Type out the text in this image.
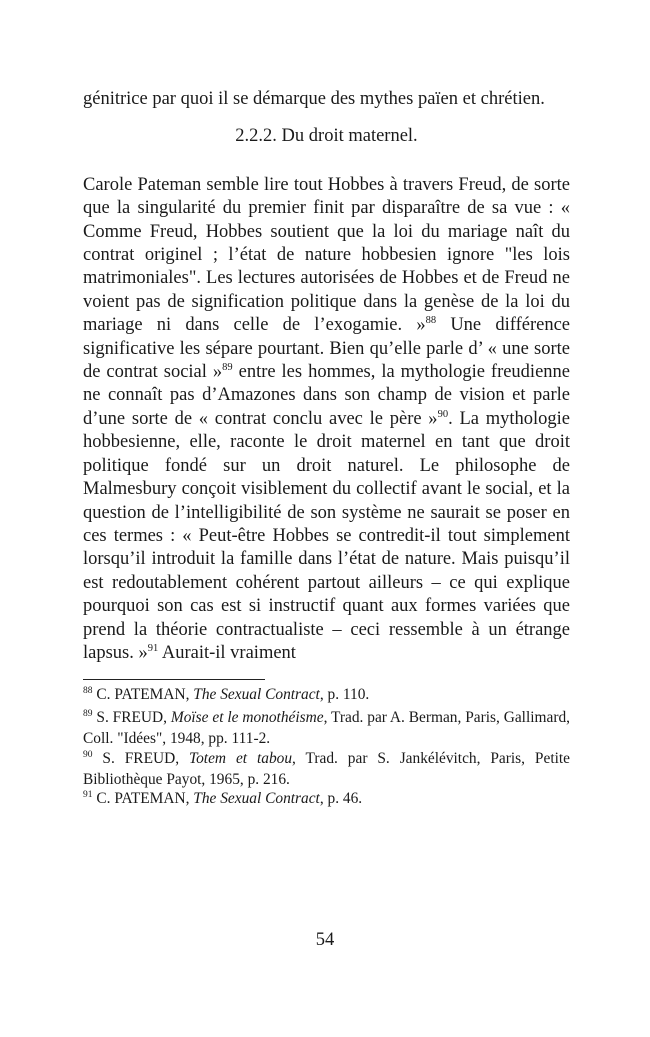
génitrice par quoi il se démarque des mythes païen et chrétien.

2.2.2. Du droit maternel.

Carole Pateman semble lire tout Hobbes à travers Freud, de sorte que la singularité du premier finit par disparaître de sa vue : « Comme Freud, Hobbes soutient que la loi du mariage naît du contrat originel ; l’état de nature hobbesien ignore "les lois matrimoniales". Les lectures autorisées de Hobbes et de Freud ne voient pas de signification politique dans la genèse de la loi du mariage ni dans celle de l’exogamie. »$^{88}$ Une différence significative les sépare pourtant. Bien qu’elle parle d’ « une sorte de contrat social »$^{89}$ entre les hommes, la mythologie freudienne ne connaît pas d’Amazones dans son champ de vision et parle d’une sorte de « contrat conclu avec le père »$^{90}$. La mythologie hobbesienne, elle, raconte le droit maternel en tant que droit politique fondé sur un droit naturel. Le philosophe de Malmesbury conçoit visiblement du collectif avant le social, et la question de l’intelligibilité de son système ne saurait se poser en ces termes : « Peut-être Hobbes se contredit-il tout simplement lorsqu’il introduit la famille dans l’état de nature. Mais puisqu’il est redoutablement cohérent partout ailleurs – ce qui explique pourquoi son cas est si instructif quant aux formes variées que prend la théorie contractualiste – ceci ressemble à un étrange lapsus. »$^{91}$ Aurait-il vraiment

$^{88}$ C. PATEMAN, The Sexual Contract, p. 110.

$^{89}$ S. FREUD, Moïse et le monothéisme, Trad. par A. Berman, Paris, Gallimard, Coll. "Idées", 1948, pp. 111-2.

$^{90}$ S. FREUD, Totem et tabou, Trad. par S. Jankélévitch, Paris, Petite Bibliothèque Payot, 1965, p. 216.

$^{91}$ C. PATEMAN, The Sexual Contract, p. 46.

54
